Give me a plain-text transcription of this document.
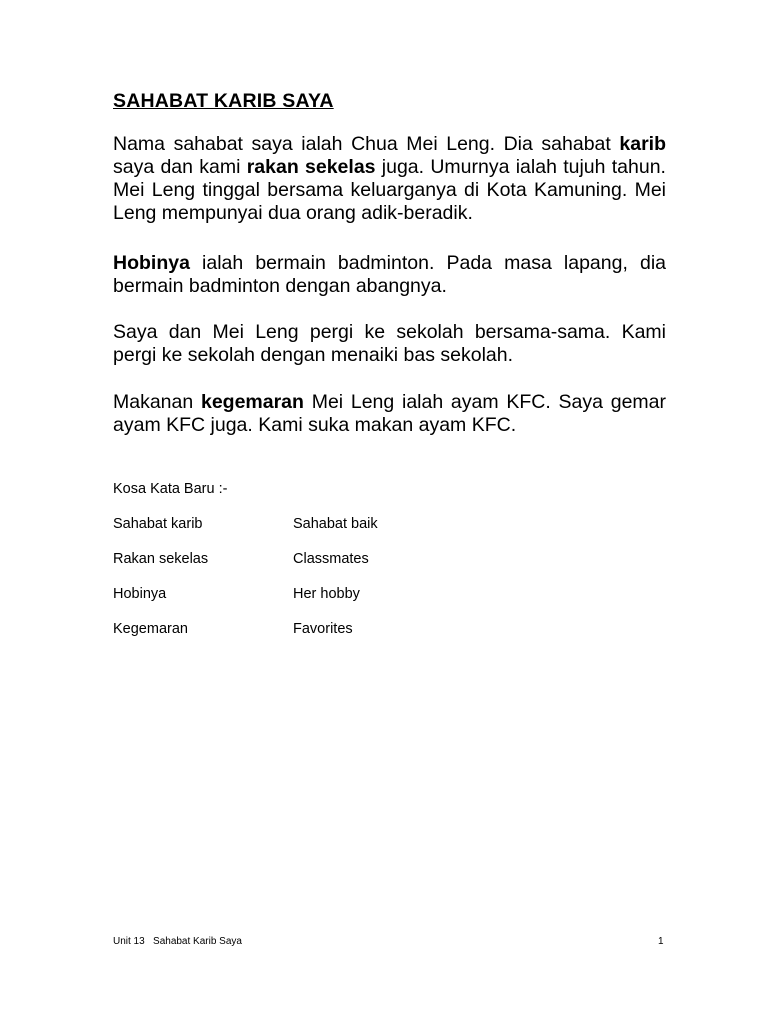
SAHABAT KARIB SAYA

Nama sahabat saya ialah Chua Mei Leng. Dia sahabat karib saya dan kami rakan sekelas juga. Umurnya ialah tujuh tahun. Mei Leng tinggal bersama keluarganya di Kota Kamuning. Mei Leng mempunyai dua orang adik-beradik.

Hobinya ialah bermain badminton. Pada masa lapang, dia bermain badminton dengan abangnya.

Saya dan Mei Leng pergi ke sekolah bersama-sama. Kami pergi ke sekolah dengan menaiki bas sekolah.

Makanan kegemaran Mei Leng ialah ayam KFC. Saya gemar ayam KFC juga. Kami suka makan ayam KFC.

Kosa Kata Baru :-
Sahabat karib	Sahabat baik
Rakan sekelas	Classmates
Hobinya	Her hobby
Kegemaran	Favorites
Unit 13   Sahabat Karib Saya	1
